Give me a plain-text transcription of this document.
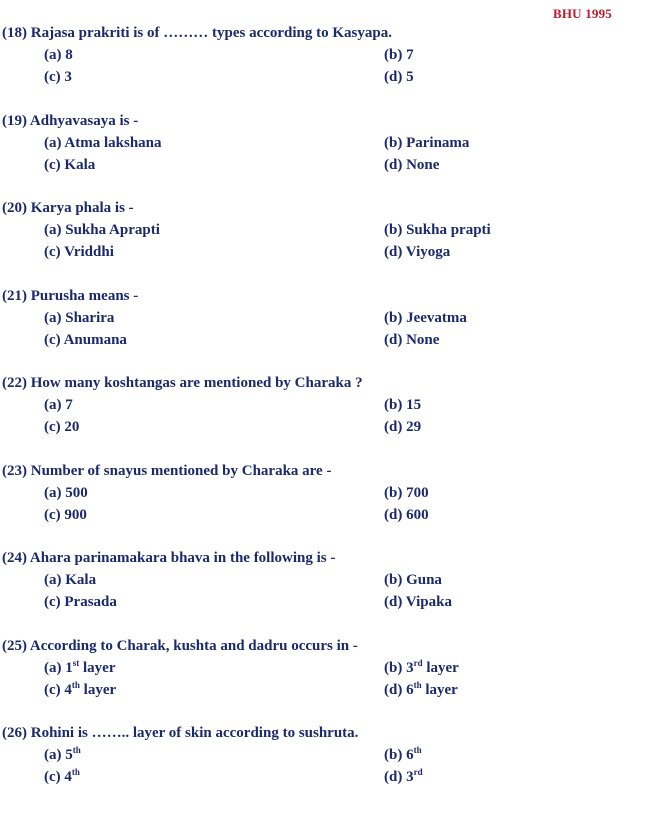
BHU 1995
(18) Rajasa prakriti is of ……… types according to Kasyapa.
(a) 8	(b) 7
(c) 3	(d) 5
(19) Adhyavasaya is -
(a) Atma lakshana	(b) Parinama
(c) Kala	(d) None
(20) Karya phala is -
(a) Sukha Aprapti	(b) Sukha prapti
(c) Vriddhi	(d) Viyoga
(21) Purusha means -
(a) Sharira	(b) Jeevatma
(c) Anumana	(d) None
(22) How many koshtangas are mentioned by Charaka ?
(a) 7	(b) 15
(c) 20	(d) 29
(23) Number of snayus mentioned by Charaka are -
(a) 500	(b) 700
(c) 900	(d) 600
(24) Ahara parinamakara bhava in the following is -
(a) Kala	(b) Guna
(c) Prasada	(d) Vipaka
(25) According to Charak, kushta and dadru occurs in -
(a) 1st layer	(b) 3rd layer
(c) 4th layer	(d) 6th layer
(26) Rohini is …….. layer of skin according to sushruta.
(a) 5th	(b) 6th
(c) 4th	(d) 3rd
